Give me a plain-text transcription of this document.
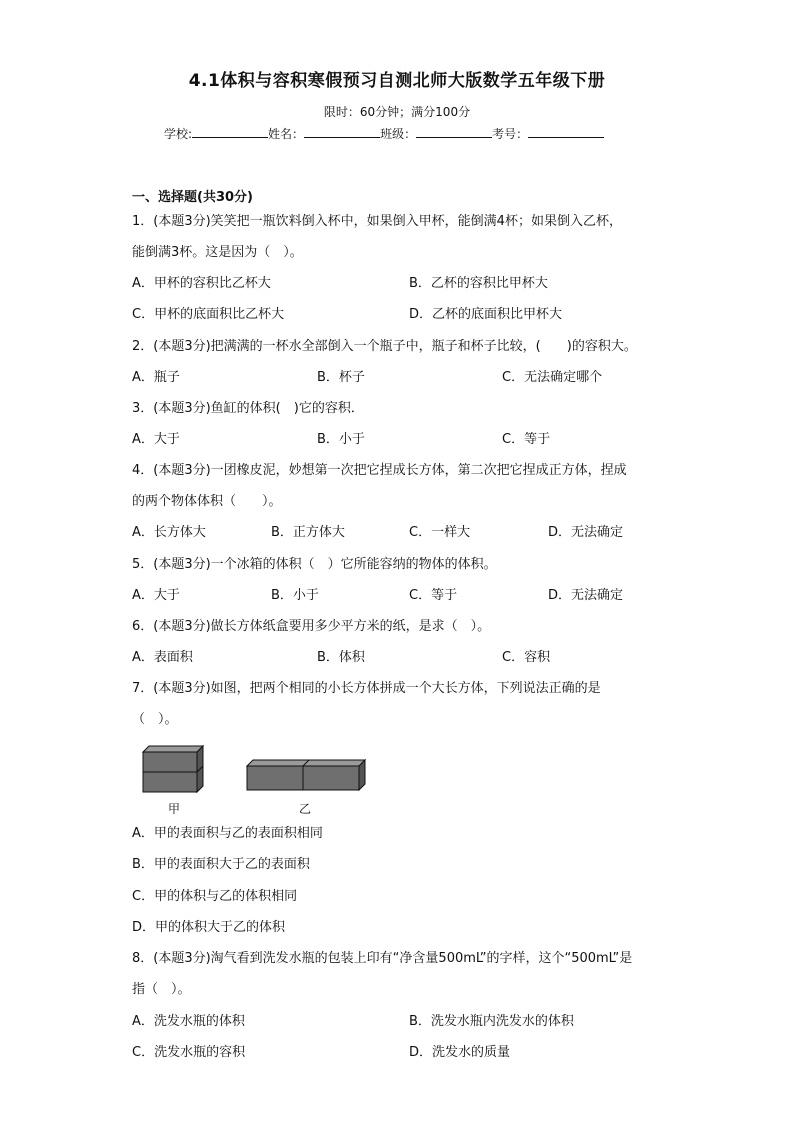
4.1体积与容积寒假预习自测北师大版数学五年级下册
限时：60分钟；满分100分
学校:	姓名：	班级：	考号：
一、选择题(共30分)
1．(本题3分)笑笑把一瓶饮料倒入杯中，如果倒入甲杯，能倒满4杯；如果倒入乙杯，
能倒满3杯。这是因为（　）。
A．甲杯的容积比乙杯大	B．乙杯的容积比甲杯大
C．甲杯的底面积比乙杯大	D．乙杯的底面积比甲杯大
2．(本题3分)把满满的一杯水全部倒入一个瓶子中，瓶子和杯子比较，(　　)的容积大。
A．瓶子	B．杯子	C．无法确定哪个
3．(本题3分)鱼缸的体积(　)它的容积．
A．大于	B．小于	C．等于
4．(本题3分)一团橡皮泥，妙想第一次把它捏成长方体，第二次把它捏成正方体，捏成
的两个物体体积（　　）。
A．长方体大	B．正方体大	C．一样大	D．无法确定
5．(本题3分)一个冰箱的体积（　）它所能容纳的物体的体积。
A．大于	B．小于	C．等于	D．无法确定
6．(本题3分)做长方体纸盒要用多少平方米的纸，是求（　）。
A．表面积	B．体积	C．容积
7．(本题3分)如图，把两个相同的小长方体拼成一个大长方体，下列说法正确的是
（　）。
甲	乙
A．甲的表面积与乙的表面积相同
B．甲的表面积大于乙的表面积
C．甲的体积与乙的体积相同
D．甲的体积大于乙的体积
8．(本题3分)淘气看到洗发水瓶的包装上印有“净含量500mL”的字样，这个“500mL”是
指（　）。
A．洗发水瓶的体积	B．洗发水瓶内洗发水的体积
C．洗发水瓶的容积	D．洗发水的质量
